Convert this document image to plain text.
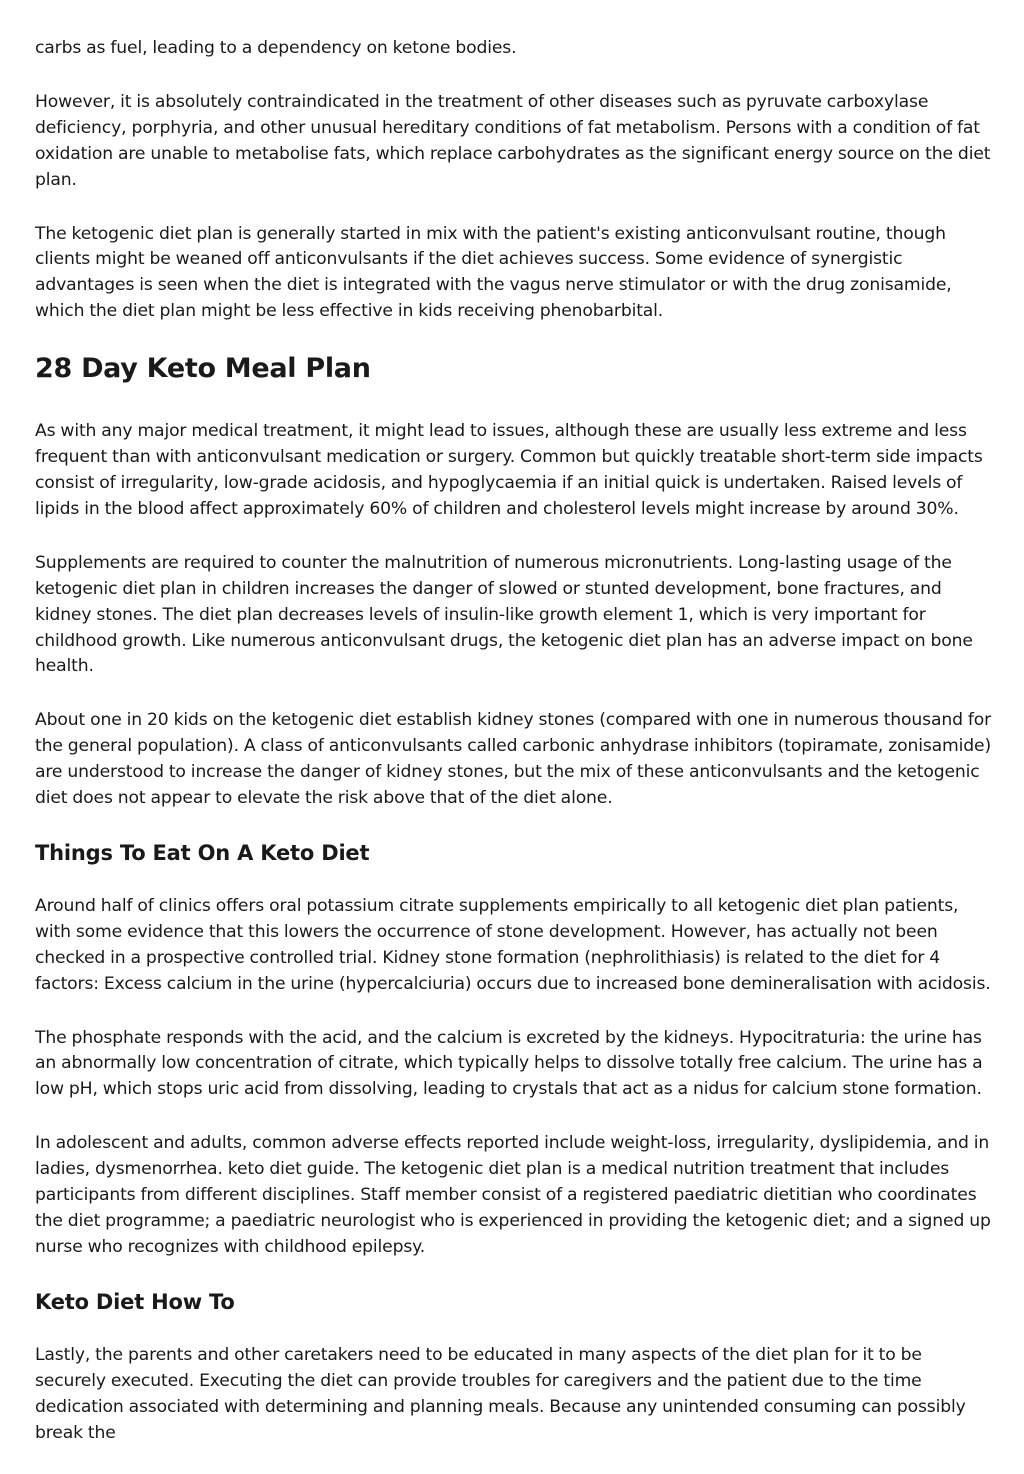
carbs as fuel, leading to a dependency on ketone bodies.

However, it is absolutely contraindicated in the treatment of other diseases such as pyruvate carboxylase deficiency, porphyria, and other unusual hereditary conditions of fat metabolism. Persons with a condition of fat oxidation are unable to metabolise fats, which replace carbohydrates as the significant energy source on the diet plan.

The ketogenic diet plan is generally started in mix with the patient's existing anticonvulsant routine, though clients might be weaned off anticonvulsants if the diet achieves success. Some evidence of synergistic advantages is seen when the diet is integrated with the vagus nerve stimulator or with the drug zonisamide, which the diet plan might be less effective in kids receiving phenobarbital.

28 Day Keto Meal Plan

As with any major medical treatment, it might lead to issues, although these are usually less extreme and less frequent than with anticonvulsant medication or surgery. Common but quickly treatable short-term side impacts consist of irregularity, low-grade acidosis, and hypoglycaemia if an initial quick is undertaken. Raised levels of lipids in the blood affect approximately 60% of children and cholesterol levels might increase by around 30%.

Supplements are required to counter the malnutrition of numerous micronutrients. Long-lasting usage of the ketogenic diet plan in children increases the danger of slowed or stunted development, bone fractures, and kidney stones. The diet plan decreases levels of insulin-like growth element 1, which is very important for childhood growth. Like numerous anticonvulsant drugs, the ketogenic diet plan has an adverse impact on bone health.

About one in 20 kids on the ketogenic diet establish kidney stones (compared with one in numerous thousand for the general population). A class of anticonvulsants called carbonic anhydrase inhibitors (topiramate, zonisamide) are understood to increase the danger of kidney stones, but the mix of these anticonvulsants and the ketogenic diet does not appear to elevate the risk above that of the diet alone.

Things To Eat On A Keto Diet

Around half of clinics offers oral potassium citrate supplements empirically to all ketogenic diet plan patients, with some evidence that this lowers the occurrence of stone development. However, has actually not been checked in a prospective controlled trial. Kidney stone formation (nephrolithiasis) is related to the diet for 4 factors: Excess calcium in the urine (hypercalciuria) occurs due to increased bone demineralisation with acidosis.

The phosphate responds with the acid, and the calcium is excreted by the kidneys. Hypocitraturia: the urine has an abnormally low concentration of citrate, which typically helps to dissolve totally free calcium. The urine has a low pH, which stops uric acid from dissolving, leading to crystals that act as a nidus for calcium stone formation.

In adolescent and adults, common adverse effects reported include weight-loss, irregularity, dyslipidemia, and in ladies, dysmenorrhea. keto diet guide. The ketogenic diet plan is a medical nutrition treatment that includes participants from different disciplines. Staff member consist of a registered paediatric dietitian who coordinates the diet programme; a paediatric neurologist who is experienced in providing the ketogenic diet; and a signed up nurse who recognizes with childhood epilepsy.

Keto Diet How To

Lastly, the parents and other caretakers need to be educated in many aspects of the diet plan for it to be securely executed. Executing the diet can provide troubles for caregivers and the patient due to the time dedication associated with determining and planning meals. Because any unintended consuming can possibly break the
